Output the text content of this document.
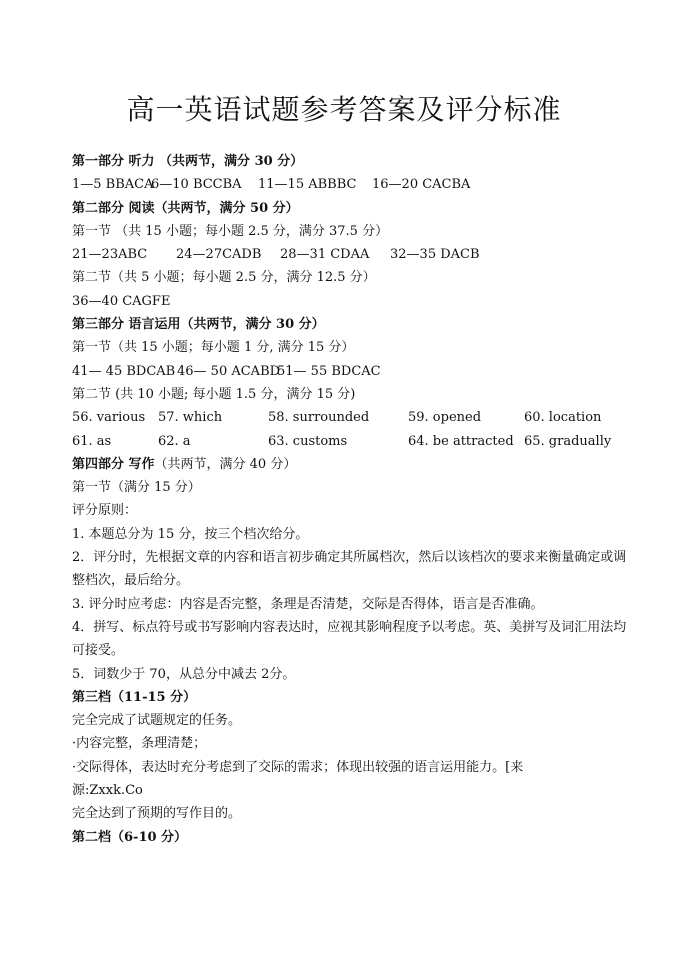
高一英语试题参考答案及评分标准
第一部分 听力 （共两节，满分 30 分）
1—5 BBACA
6—10 BCCBA	11—15 ABBBC	16—20 CACBA
第二部分 阅读（共两节，满分 50 分）
第一节 （共 15 小题；每小题 2.5 分，满分 37.5 分）
21—23ABC	24—27CADB	28—31 CDAA	32—35 DACB
第二节（共 5 小题；每小题 2.5 分，满分 12.5 分）
36—40 CAGFE
第三部分 语言运用（共两节，满分 30 分）
第一节（共 15 小题；每小题 1 分, 满分 15 分）
41— 45 BDCAB 46— 50 ACABD
51— 55 BDCAC
第二节 (共 10 小题; 每小题 1.5 分，满分 15 分)
56. various 57. which	58. surrounded	59. opened	60. location
61. as	62. a	63. customs	64. be attracted 65. gradually
第四部分 写作（共两节，满分 40 分）
第一节（满分 15 分）
评分原则：
1. 本题总分为 15 分，按三个档次给分。
2．评分时，先根据文章的内容和语言初步确定其所属档次，然后以该档次的要求来衡量确定或调整档次，最后给分。
3. 评分时应考虑：内容是否完整，条理是否清楚，交际是否得体，语言是否准确。
4．拼写、标点符号或书写影响内容表达时，应视其影响程度予以考虑。英、美拼写及词汇用法均可接受。
5．词数少于 70，从总分中减去 2分。
第三档（11-15 分）
完全完成了试题规定的任务。
·内容完整，条理清楚；
·交际得体，表达时充分考虑到了交际的需求；体现出较强的语言运用能力。[来
源:Zxxk.Co
完全达到了预期的写作目的。
第二档（6-10 分）
